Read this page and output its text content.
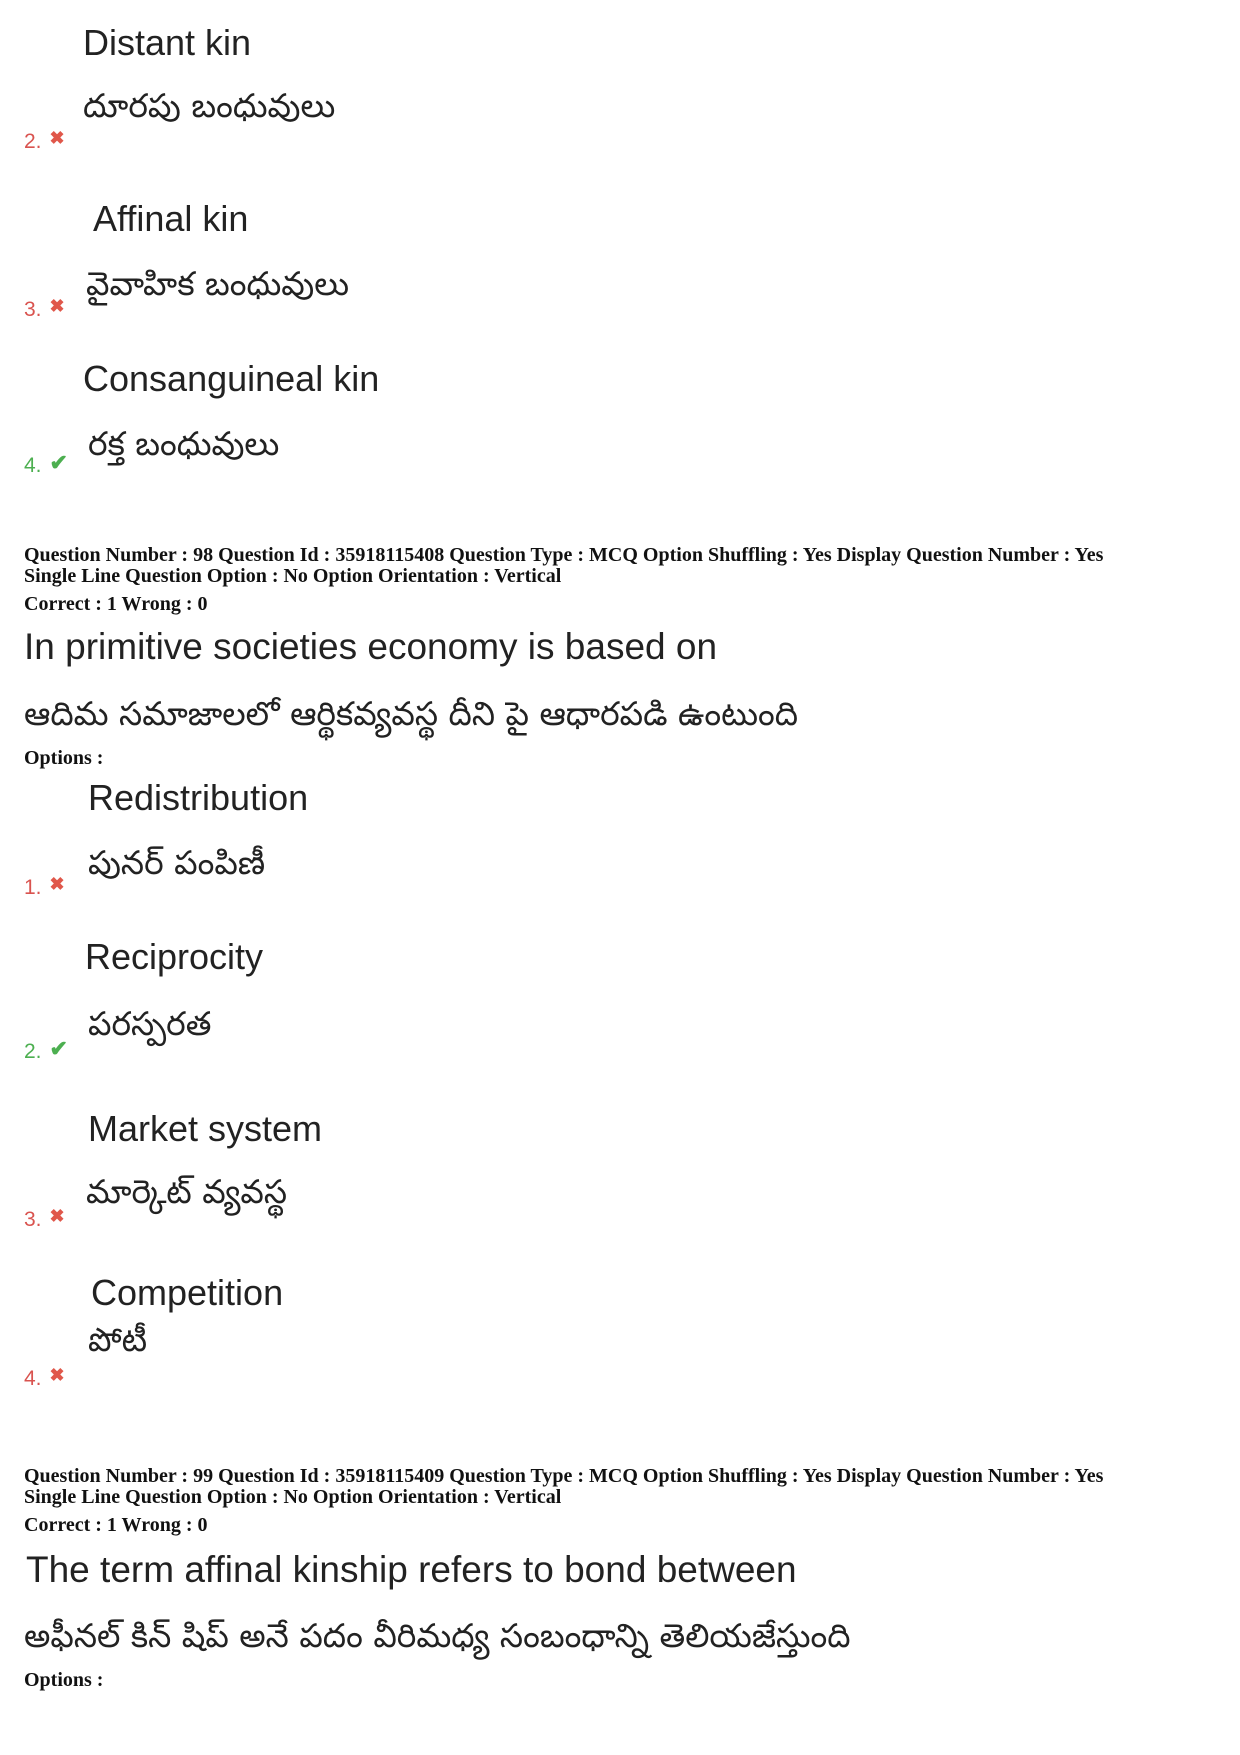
Distant kin
దూరపు బంధువులు
2. ✖
Affinal kin
వైవాహిక బంధువులు
3. ✖
Consanguineal kin
రక్త బంధువులు
4. ✔
Question Number : 98 Question Id : 35918115408 Question Type : MCQ Option Shuffling : Yes Display Question Number : Yes
Single Line Question Option : No Option Orientation : Vertical
Correct : 1 Wrong : 0
In primitive societies economy is based on
ఆదిమ సమాజాలలో ఆర్థికవ్యవస్థ దీని పై ఆధారపడి ఉంటుంది
Options :
Redistribution
పునర్ పంపిణీ
1. ✖
Reciprocity
పరస్పరత
2. ✔
Market system
మార్కెట్ వ్యవస్థ
3. ✖
Competition
పోటీ
4. ✖
Question Number : 99 Question Id : 35918115409 Question Type : MCQ Option Shuffling : Yes Display Question Number : Yes
Single Line Question Option : No Option Orientation : Vertical
Correct : 1 Wrong : 0
The term affinal kinship refers to bond between
అఫీనల్ కిన్ షిప్ అనే పదం వీరిమధ్య సంబంధాన్ని తెలియజేస్తుంది
Options :
